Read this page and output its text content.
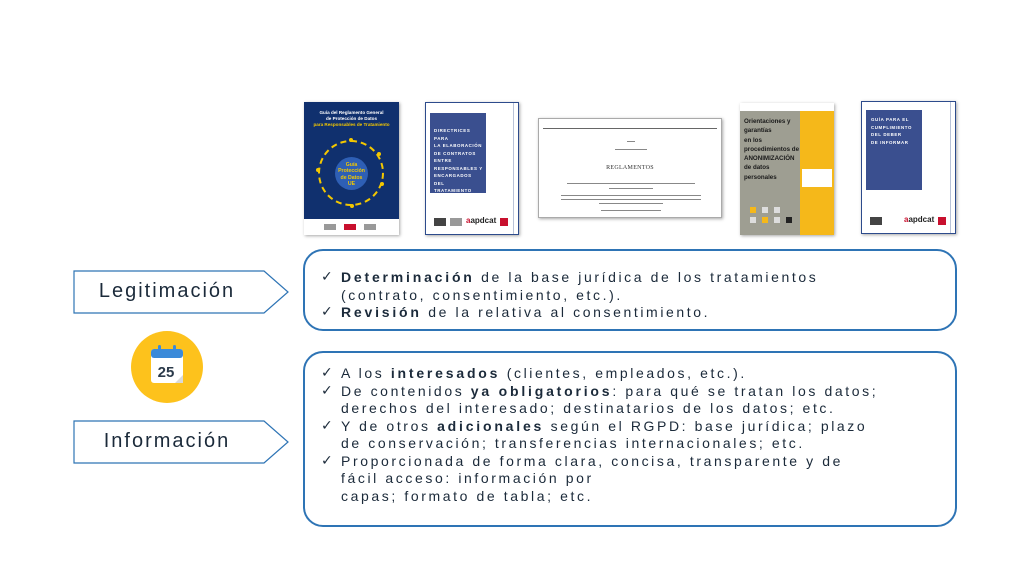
Guía del Reglamento General
de Protección de Datos
para Responsables de Tratamiento
Guía
Protección
de Datos
UE
DIRECTRICES PARA
LA ELABORACIÓN
DE CONTRATOS
ENTRE
RESPONSABLES Y
ENCARGADOS
DEL TRATAMIENTO
aapdcat
REGLAMENTOS
Orientaciones y
garantías
en los
procedimientos de
ANONIMIZACIÓN
de datos
personales
GUÍA PARA EL
CUMPLIMIENTO
DEL DEBER
DE INFORMAR
aapdcat
Legitimación
25
Información
✓ Determinación de la base jurídica de los tratamientos
(contrato, consentimiento, etc.).
✓ Revisión de la relativa al consentimiento.
✓ A los interesados (clientes, empleados, etc.).
✓ De contenidos ya obligatorios: para qué se tratan los datos;
derechos del interesado; destinatarios de los datos; etc.
✓ Y de otros adicionales según el RGPD: base jurídica; plazo
de conservación; transferencias internacionales; etc.
✓ Proporcionada de forma clara, concisa, transparente y de
fácil acceso: información por
capas; formato de tabla; etc.
